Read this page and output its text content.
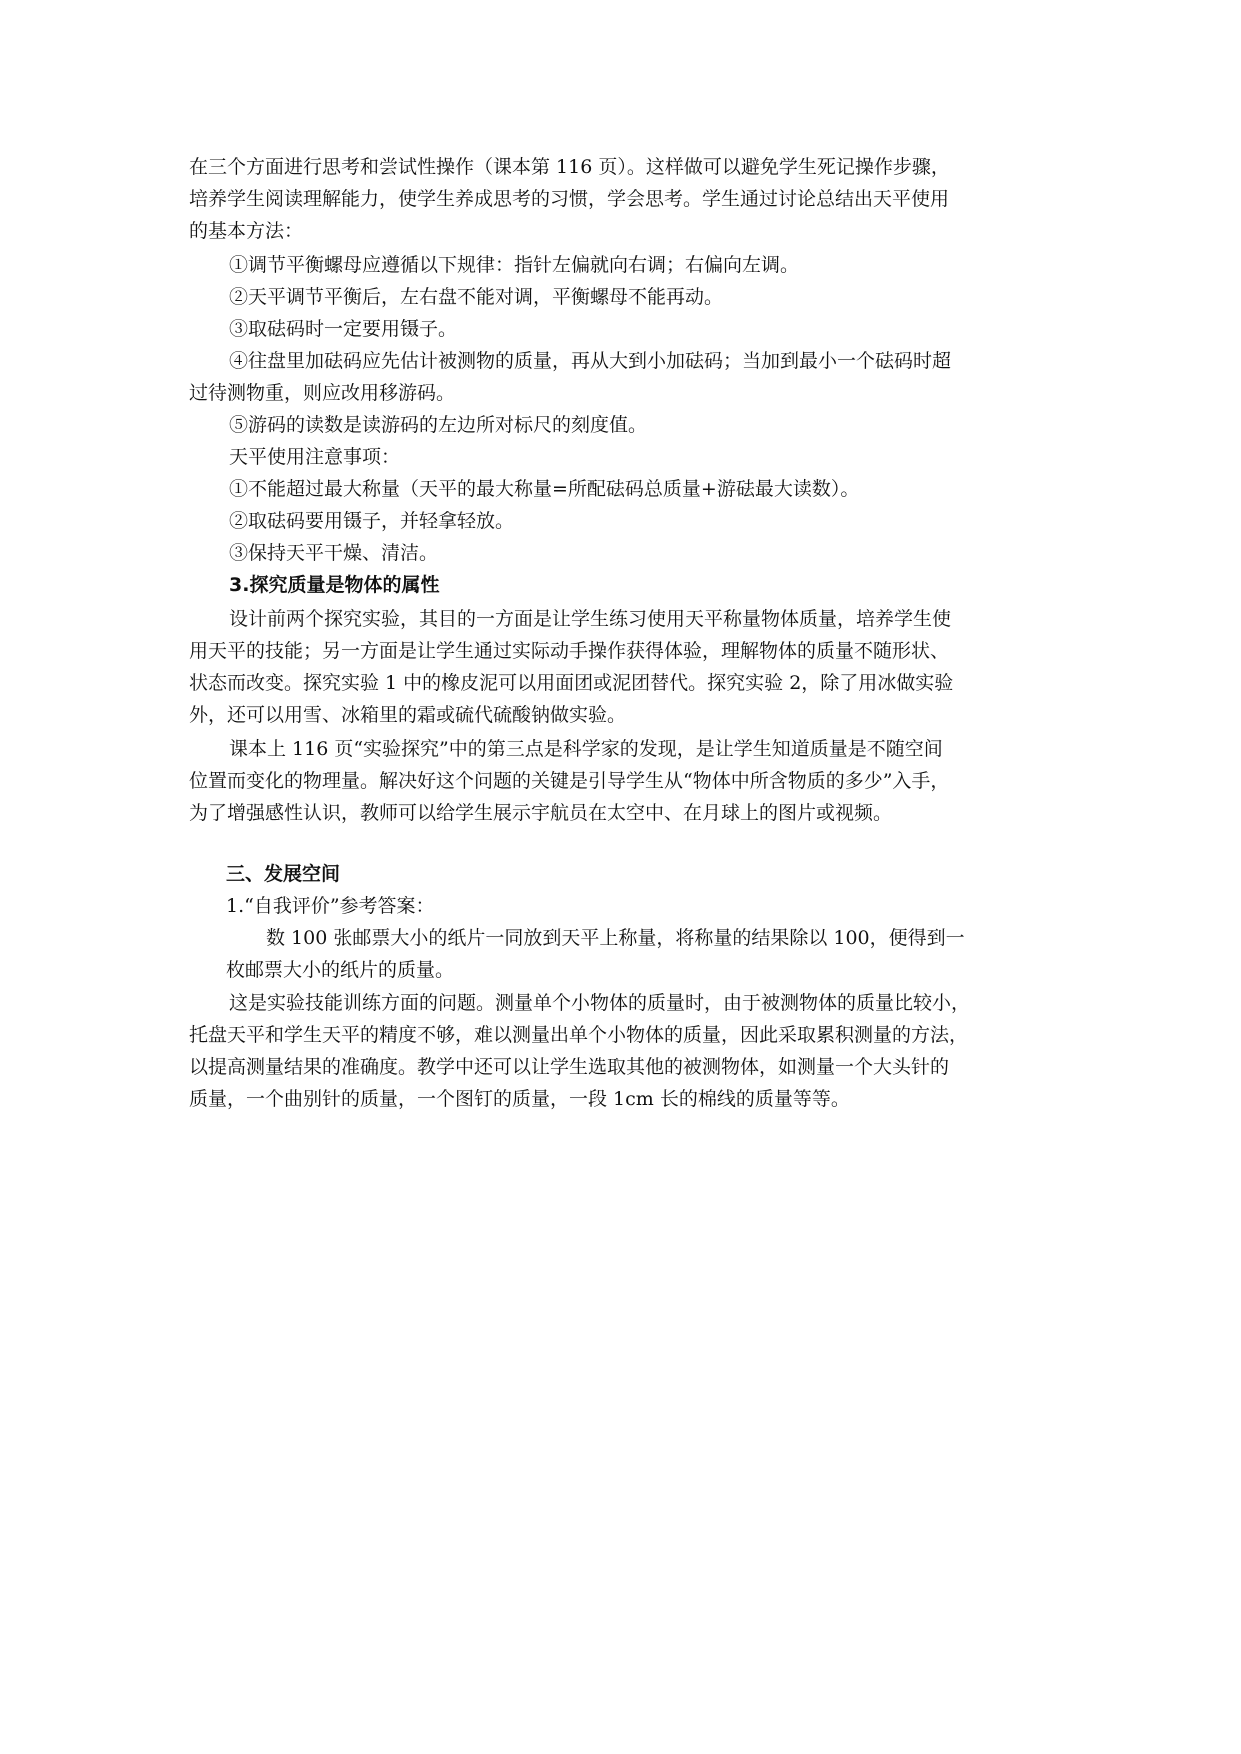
在三个方面进行思考和尝试性操作（课本第 116 页）。这样做可以避免学生死记操作步骤，

培养学生阅读理解能力，使学生养成思考的习惯，学会思考。学生通过讨论总结出天平使用

的基本方法：

①调节平衡螺母应遵循以下规律：指针左偏就向右调；右偏向左调。

②天平调节平衡后，左右盘不能对调，平衡螺母不能再动。

③取砝码时一定要用镊子。

④往盘里加砝码应先估计被测物的质量，再从大到小加砝码；当加到最小一个砝码时超

过待测物重，则应改用移游码。

⑤游码的读数是读游码的左边所对标尺的刻度值。

天平使用注意事项：

①不能超过最大称量（天平的最大称量=所配砝码总质量+游砝最大读数）。

②取砝码要用镊子，并轻拿轻放。

③保持天平干燥、清洁。

3.探究质量是物体的属性

设计前两个探究实验，其目的一方面是让学生练习使用天平称量物体质量，培养学生使

用天平的技能；另一方面是让学生通过实际动手操作获得体验，理解物体的质量不随形状、

状态而改变。探究实验 1 中的橡皮泥可以用面团或泥团替代。探究实验 2，除了用冰做实验

外，还可以用雪、冰箱里的霜或硫代硫酸钠做实验。

课本上 116 页“实验探究”中的第三点是科学家的发现，是让学生知道质量是不随空间

位置而变化的物理量。解决好这个问题的关键是引导学生从“物体中所含物质的多少”入手，

为了增强感性认识，教师可以给学生展示宇航员在太空中、在月球上的图片或视频。

三、发展空间

1.“自我评价”参考答案：

数 100 张邮票大小的纸片一同放到天平上称量，将称量的结果除以 100，便得到一

枚邮票大小的纸片的质量。

这是实验技能训练方面的问题。测量单个小物体的质量时，由于被测物体的质量比较小，

托盘天平和学生天平的精度不够，难以测量出单个小物体的质量，因此采取累积测量的方法，

以提高测量结果的准确度。教学中还可以让学生选取其他的被测物体，如测量一个大头针的

质量，一个曲别针的质量，一个图钉的质量，一段 1cm 长的棉线的质量等等。
